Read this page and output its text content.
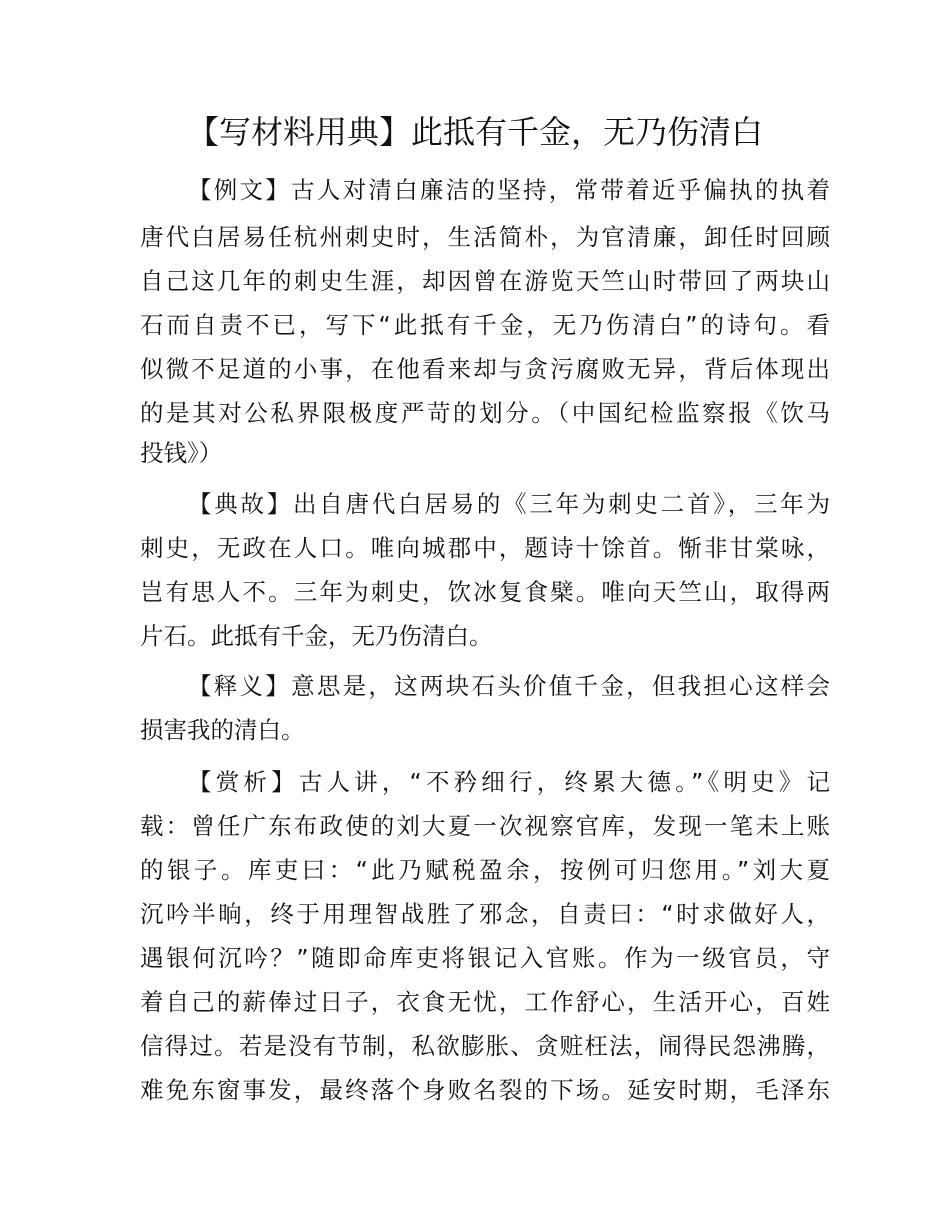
【写材料用典】此抵有千金，无乃伤清白
【例文】古人对清白廉洁的坚持，常带着近乎偏执的执着
唐代白居易任杭州刺史时，生活简朴，为官清廉，卸任时回顾
自己这几年的刺史生涯，却因曾在游览天竺山时带回了两块山
石而自责不已，写下“此抵有千金，无乃伤清白”的诗句。看
似微不足道的小事，在他看来却与贪污腐败无异，背后体现出
的是其对公私界限极度严苛的划分。（中国纪检监察报《饮马
投钱》）
【典故】出自唐代白居易的《三年为刺史二首》，三年为
刺史，无政在人口。唯向城郡中，题诗十馀首。惭非甘棠咏，
岂有思人不。三年为刺史，饮冰复食檗。唯向天竺山，取得两
片石。此抵有千金，无乃伤清白。
【释义】意思是，这两块石头价值千金，但我担心这样会
损害我的清白。
【赏析】古人讲，“不矜细行，终累大德。”《明史》记
载：曾任广东布政使的刘大夏一次视察官库，发现一笔未上账
的银子。库吏曰：“此乃赋税盈余，按例可归您用。”刘大夏
沉吟半晌，终于用理智战胜了邪念，自责曰：“时求做好人，
遇银何沉吟？”随即命库吏将银记入官账。作为一级官员，守
着自己的薪俸过日子，衣食无忧，工作舒心，生活开心，百姓
信得过。若是没有节制，私欲膨胀、贪赃枉法，闹得民怨沸腾，
难免东窗事发，最终落个身败名裂的下场。延安时期，毛泽东
